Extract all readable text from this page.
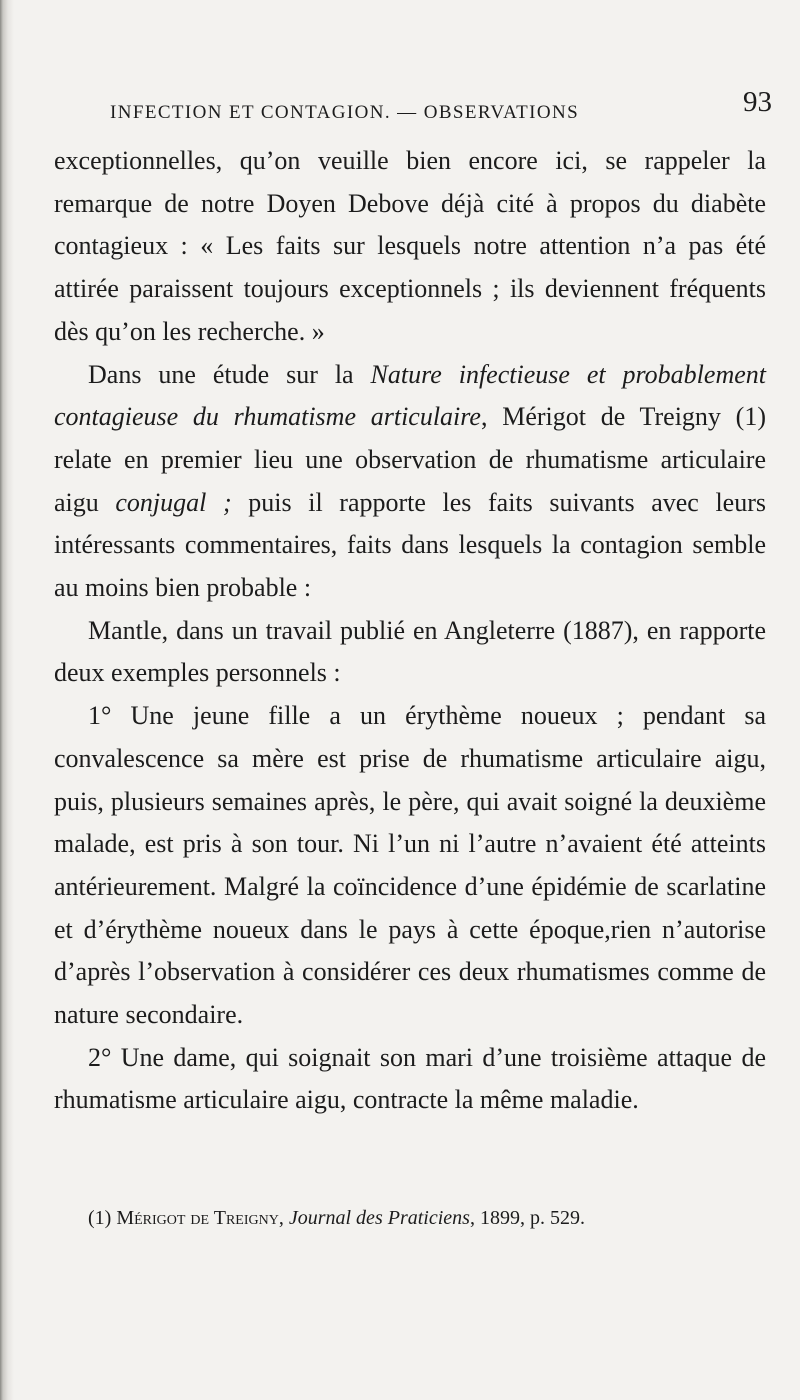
INFECTION ET CONTAGION. — OBSERVATIONS	93

exceptionnelles, qu’on veuille bien encore ici, se rappeler la remarque de notre Doyen Debove déjà cité à propos du diabète contagieux : « Les faits sur lesquels notre attention n’a pas été attirée paraissent toujours exceptionnels ; ils deviennent fréquents dès qu’on les recherche. »

Dans une étude sur la Nature infectieuse et probablement contagieuse du rhumatisme articulaire, Mérigot de Treigny (1) relate en premier lieu une observation de rhumatisme articulaire aigu conjugal ; puis il rapporte les faits suivants avec leurs intéressants commentaires, faits dans lesquels la contagion semble au moins bien probable :

Mantle, dans un travail publié en Angleterre (1887), en rapporte deux exemples personnels :

1° Une jeune fille a un érythème noueux ; pendant sa convalescence sa mère est prise de rhumatisme articulaire aigu, puis, plusieurs semaines après, le père, qui avait soigné la deuxième malade, est pris à son tour. Ni l’un ni l’autre n’avaient été atteints antérieurement. Malgré la coïncidence d’une épidémie de scarlatine et d’érythème noueux dans le pays à cette époque,rien n’autorise d’après l’observation à considérer ces deux rhumatismes comme de nature secondaire.

2° Une dame, qui soignait son mari d’une troisième attaque de rhumatisme articulaire aigu, contracte la même maladie.

(1) Mérigot de Treigny, Journal des Praticiens, 1899, p. 529.
